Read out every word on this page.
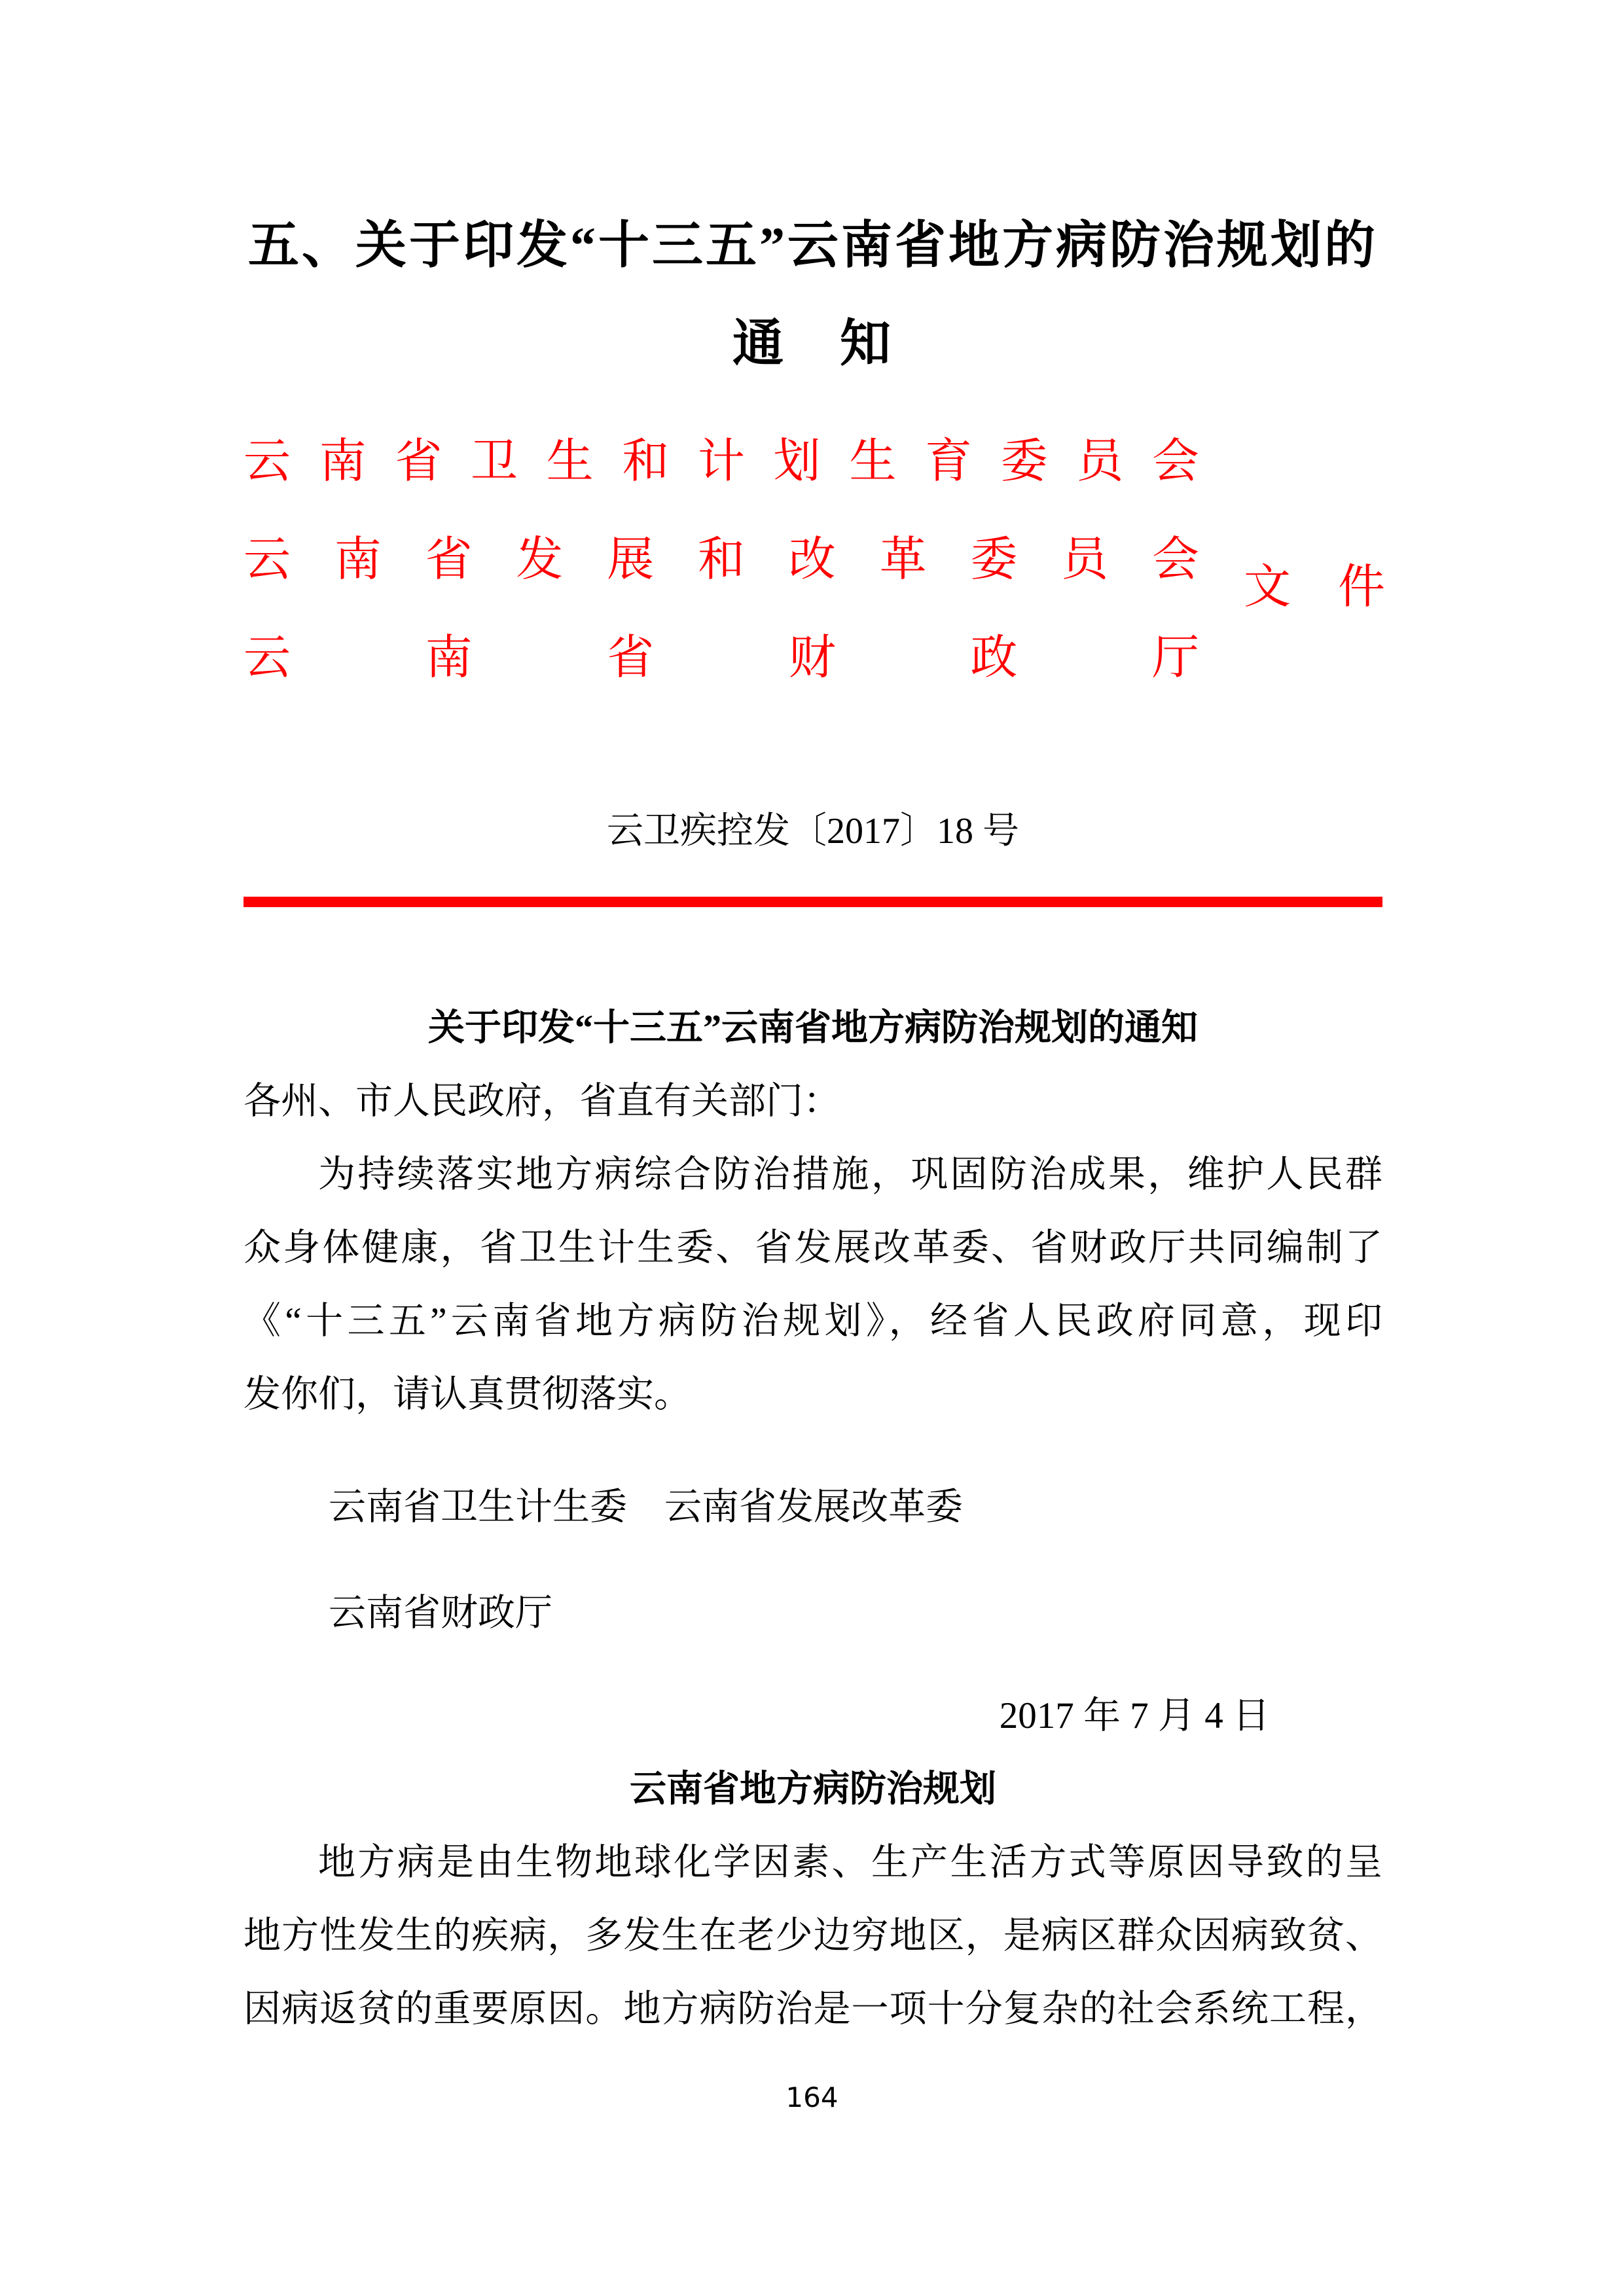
五、关于印发“十三五”云南省地方病防治规划的
通　知
云南省卫生和计划生育委员会
云南省发展和改革委员会
云南省财政厅
文　件
云卫疾控发〔2017〕18 号
关于印发“十三五”云南省地方病防治规划的通知
各州、市人民政府，省直有关部门：
为持续落实地方病综合防治措施，巩固防治成果，维护人民群
众身体健康，省卫生计生委、省发展改革委、省财政厅共同编制了
《“十三五”云南省地方病防治规划》，经省人民政府同意，现印
发你们，请认真贯彻落实。
云南省卫生计生委　云南省发展改革委
云南省财政厅
2017 年 7 月 4 日
云南省地方病防治规划
地方病是由生物地球化学因素、生产生活方式等原因导致的呈
地方性发生的疾病，多发生在老少边穷地区，是病区群众因病致贫、
因病返贫的重要原因。地方病防治是一项十分复杂的社会系统工程，
164
